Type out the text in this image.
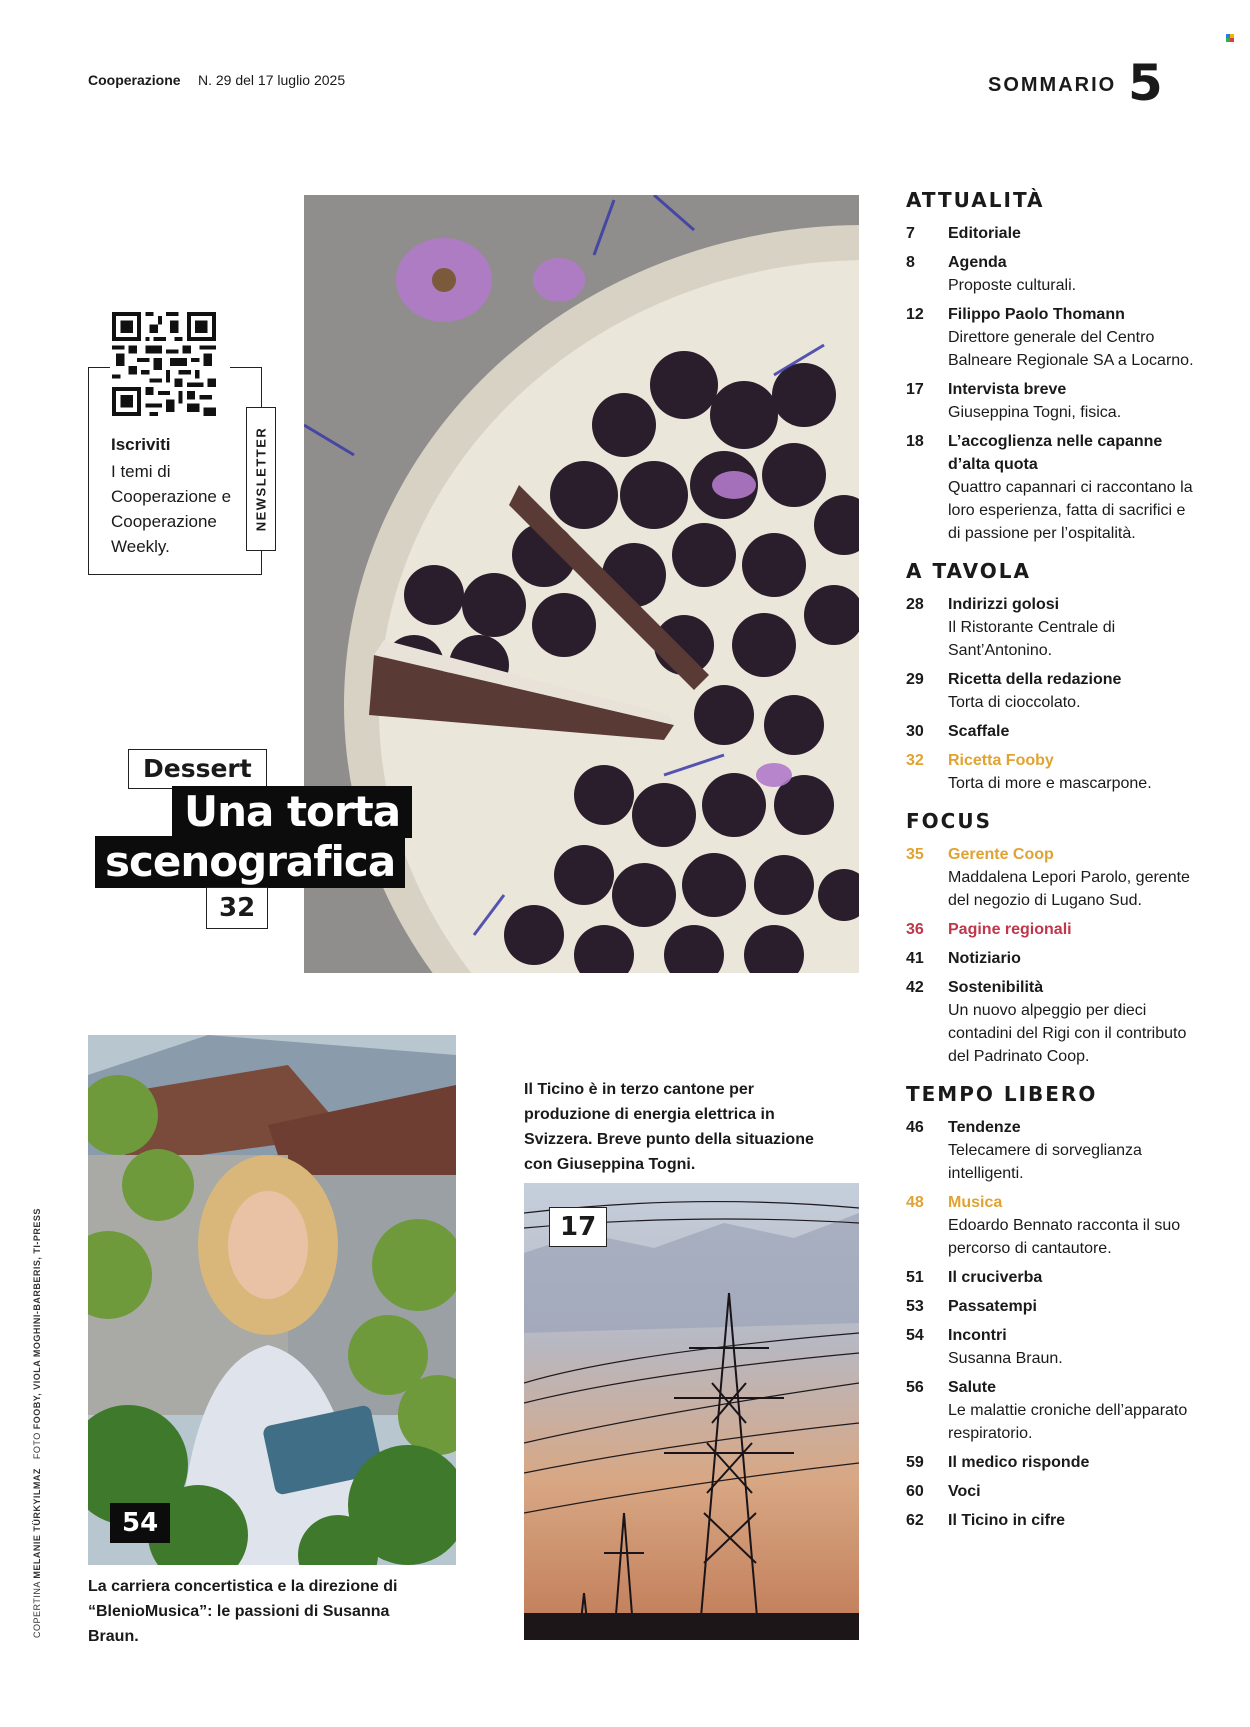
Cooperazione N. 29 del 17 luglio 2025	SOMMARIO 5
NEWSLETTER
Iscriviti
I temi di Cooperazione e Cooperazione Weekly.
Dessert
Una torta
scenografica
32
54
La carriera concertistica e la direzione di “BlenioMusica”: le passioni di Susanna Braun.
Il Ticino è in terzo cantone per produzione di energia elettrica in Svizzera. Breve punto della situazione con Giuseppina Togni.
17
COPERTINA MELANIE TÜRKYILMAZ   FOTO FOOBY, VIOLA MOGHINI-BARBERIS, TI-PRESS
ATTUALITÀ
7	Editoriale
8	Agenda
Proposte culturali.
12	Filippo Paolo Thomann
Direttore generale del Centro Balneare Regionale SA a Locarno.
17	Intervista breve
Giuseppina Togni, fisica.
18	L’accoglienza nelle capanne d’alta quota
Quattro capannari ci raccontano la loro esperienza, fatta di sacrifici e di passione per l’ospitalità.
A TAVOLA
28	Indirizzi golosi
Il Ristorante Centrale di Sant’Antonino.
29	Ricetta della redazione
Torta di cioccolato.
30	Scaffale
32	Ricetta Fooby
Torta di more e mascarpone.
FOCUS
35	Gerente Coop
Maddalena Lepori Parolo, gerente del negozio di Lugano Sud.
36	Pagine regionali
41	Notiziario
42	Sostenibilità
Un nuovo alpeggio per dieci contadini del Rigi con il contributo del Padrinato Coop.
TEMPO LIBERO
46	Tendenze
Telecamere di sorveglianza intelligenti.
48	Musica
Edoardo Bennato racconta il suo percorso di cantautore.
51	Il cruciverba
53	Passatempi
54	Incontri
Susanna Braun.
56	Salute
Le malattie croniche dell’apparato respiratorio.
59	Il medico risponde
60	Voci
62	Il Ticino in cifre
